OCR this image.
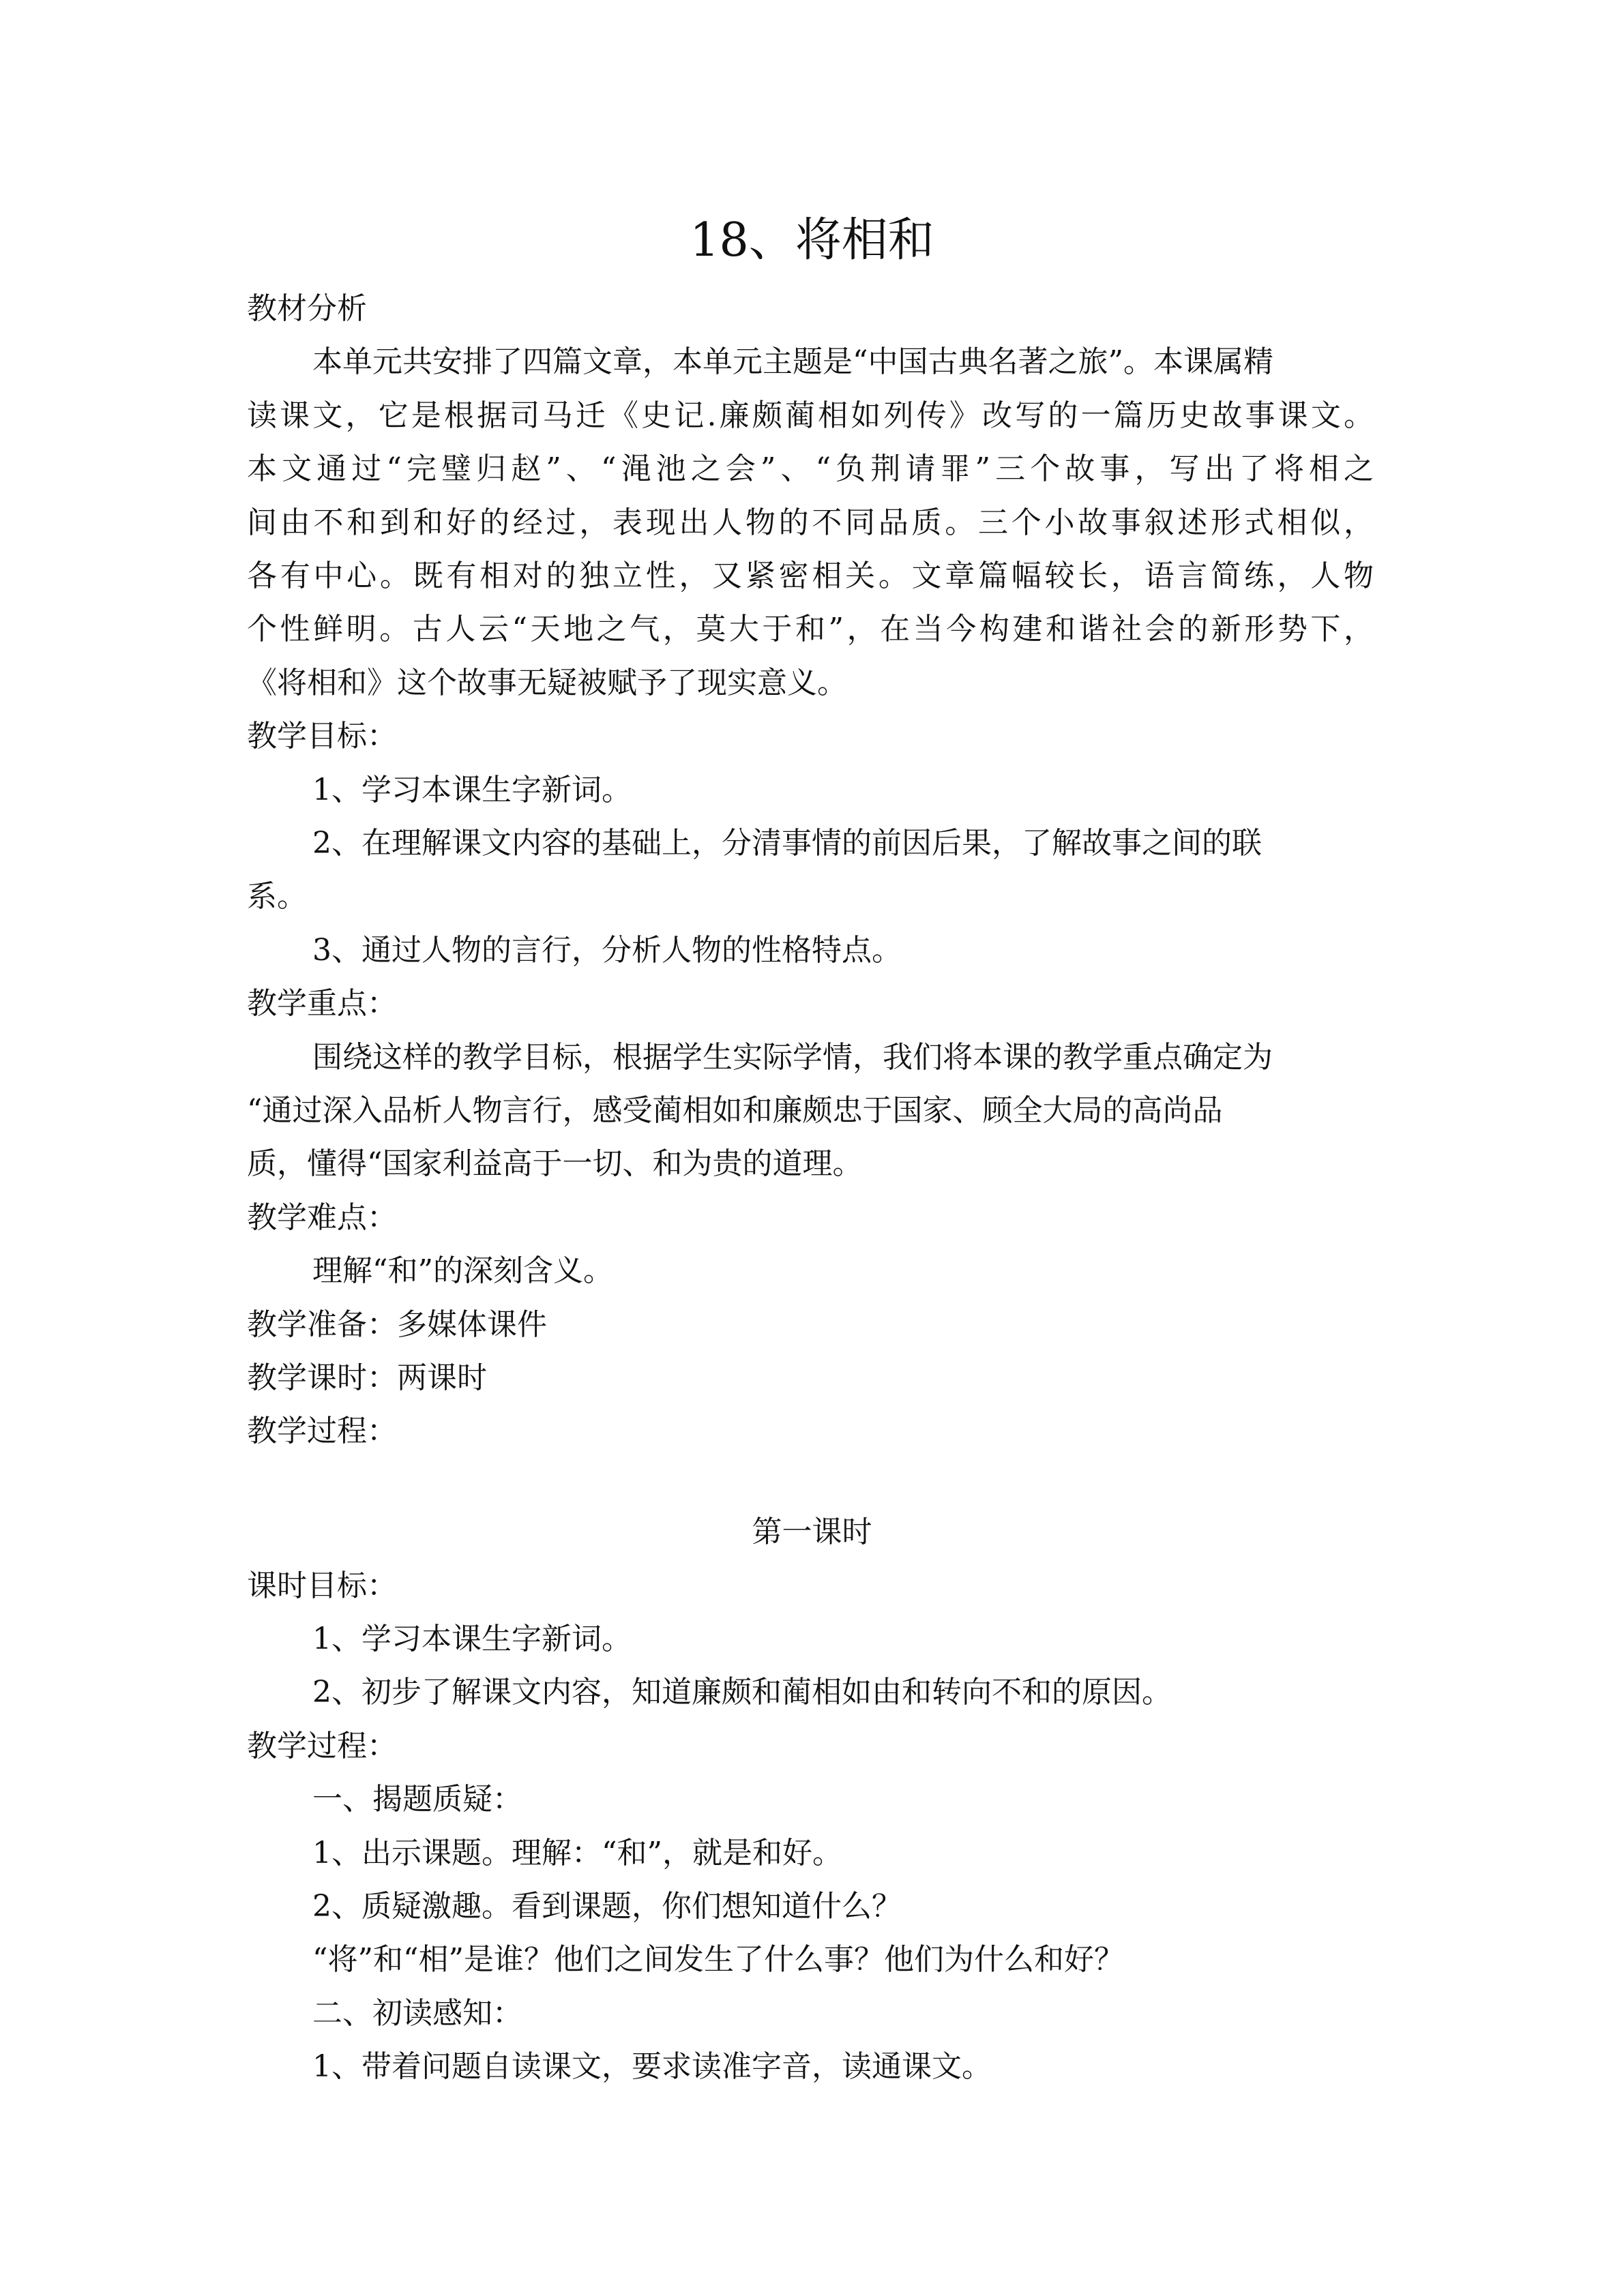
18、将相和
教材分析
本单元共安排了四篇文章，本单元主题是“中国古典名著之旅”。本课属精
读课文，它是根据司马迁《史记.廉颇蔺相如列传》改写的一篇历史故事课文。
本文通过“完璧归赵”、“渑池之会”、“负荆请罪”三个故事，写出了将相之
间由不和到和好的经过，表现出人物的不同品质。三个小故事叙述形式相似，
各有中心。既有相对的独立性，又紧密相关。文章篇幅较长，语言简练，人物
个性鲜明。古人云“天地之气，莫大于和”，在当今构建和谐社会的新形势下，
《将相和》这个故事无疑被赋予了现实意义。
教学目标：
1、学习本课生字新词。
2、在理解课文内容的基础上，分清事情的前因后果，了解故事之间的联
系。
3、通过人物的言行，分析人物的性格特点。
教学重点：
围绕这样的教学目标，根据学生实际学情，我们将本课的教学重点确定为
“通过深入品析人物言行，感受蔺相如和廉颇忠于国家、顾全大局的高尚品
质，懂得“国家利益高于一切、和为贵的道理。
教学难点：
理解“和”的深刻含义。
教学准备：多媒体课件
教学课时：两课时
教学过程：
第一课时
课时目标：
1、学习本课生字新词。
2、初步了解课文内容，知道廉颇和蔺相如由和转向不和的原因。
教学过程：
一、揭题质疑：
1、出示课题。理解：“和”，就是和好。
2、质疑激趣。看到课题，你们想知道什么？
“将”和“相”是谁？他们之间发生了什么事？他们为什么和好？
二、初读感知：
1、带着问题自读课文，要求读准字音，读通课文。
